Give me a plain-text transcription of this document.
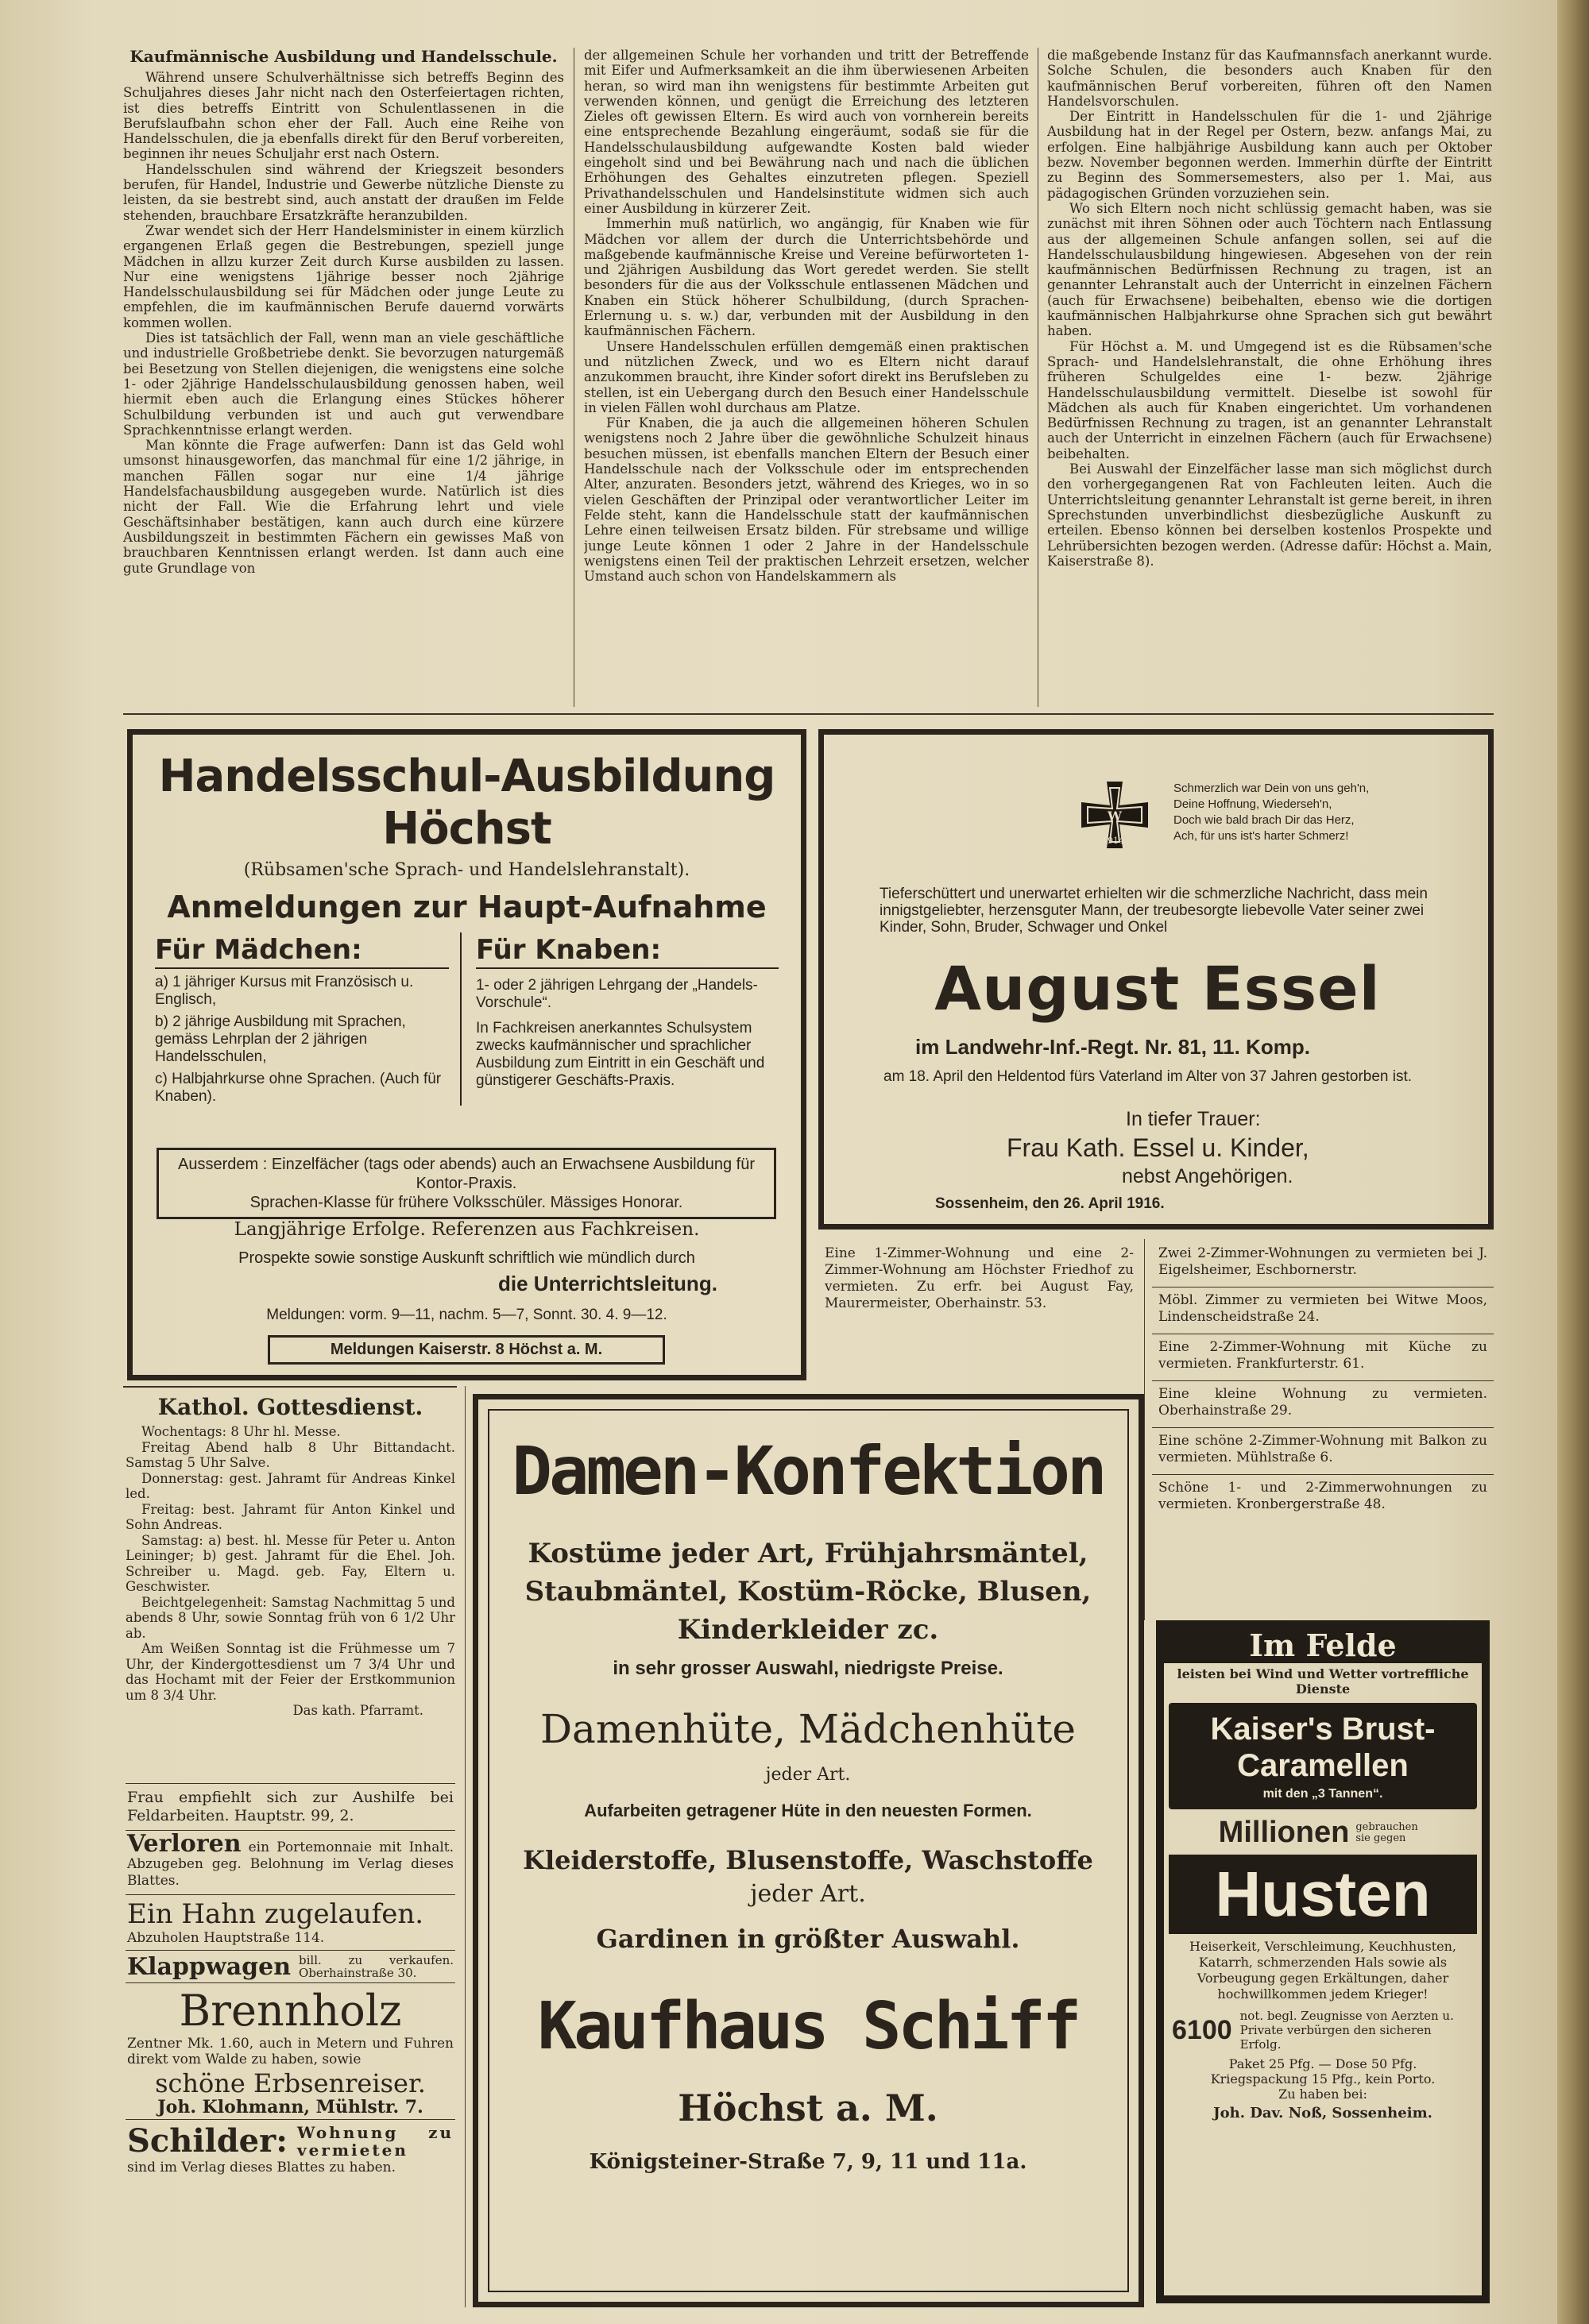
Kaufmännische Ausbildung und Handelsschule.

Während unsere Schulverhältnisse sich betreffs Beginn des Schuljahres dieses Jahr nicht nach den Osterfeiertagen richten, ist dies betreffs Eintritt von Schulentlassenen in die Berufslaufbahn schon eher der Fall. Auch eine Reihe von Handelsschulen, die ja ebenfalls direkt für den Beruf vorbereiten, beginnen ihr neues Schuljahr erst nach Ostern.

Handelsschulen sind während der Kriegszeit besonders berufen, für Handel, Industrie und Gewerbe nützliche Dienste zu leisten, da sie bestrebt sind, auch anstatt der draußen im Felde stehenden, brauchbare Ersatzkräfte heranzubilden.

Zwar wendet sich der Herr Handelsminister in einem kürzlich ergangenen Erlaß gegen die Bestrebungen, speziell junge Mädchen in allzu kurzer Zeit durch Kurse ausbilden zu lassen. Nur eine wenigstens 1jährige besser noch 2jährige Handelsschulausbildung sei für Mädchen oder junge Leute zu empfehlen, die im kaufmännischen Berufe dauernd vorwärts kommen wollen.

Dies ist tatsächlich der Fall, wenn man an viele geschäftliche und industrielle Großbetriebe denkt. Sie bevorzugen naturgemäß bei Besetzung von Stellen diejenigen, die wenigstens eine solche 1- oder 2jährige Handelsschulausbildung genossen haben, weil hiermit eben auch die Erlangung eines Stückes höherer Schulbildung verbunden ist und auch gut verwendbare Sprachkenntnisse erlangt werden.

Man könnte die Frage aufwerfen: Dann ist das Geld wohl umsonst hinausgeworfen, das manchmal für eine 1/2 jährige, in manchen Fällen sogar nur eine 1/4 jährige Handelsfachausbildung ausgegeben wurde. Natürlich ist dies nicht der Fall. Wie die Erfahrung lehrt und viele Geschäftsinhaber bestätigen, kann auch durch eine kürzere Ausbildungszeit in bestimmten Fächern ein gewisses Maß von brauchbaren Kenntnissen erlangt werden. Ist dann auch eine gute Grundlage von

der allgemeinen Schule her vorhanden und tritt der Betreffende mit Eifer und Aufmerksamkeit an die ihm überwiesenen Arbeiten heran, so wird man ihn wenigstens für bestimmte Arbeiten gut verwenden können, und genügt die Erreichung des letzteren Zieles oft gewissen Eltern. Es wird auch von vornherein bereits eine entsprechende Bezahlung eingeräumt, sodaß sie für die Handelsschulausbildung aufgewandte Kosten bald wieder eingeholt sind und bei Bewährung nach und nach die üblichen Erhöhungen des Gehaltes einzutreten pflegen. Speziell Privathandelsschulen und Handelsinstitute widmen sich auch einer Ausbildung in kürzerer Zeit.

Immerhin muß natürlich, wo angängig, für Knaben wie für Mädchen vor allem der durch die Unterrichtsbehörde und maßgebende kaufmännische Kreise und Vereine befürworteten 1- und 2jährigen Ausbildung das Wort geredet werden. Sie stellt besonders für die aus der Volksschule entlassenen Mädchen und Knaben ein Stück höherer Schulbildung, (durch Sprachen-Erlernung u. s. w.) dar, verbunden mit der Ausbildung in den kaufmännischen Fächern.

Unsere Handelsschulen erfüllen demgemäß einen praktischen und nützlichen Zweck, und wo es Eltern nicht darauf anzukommen braucht, ihre Kinder sofort direkt ins Berufsleben zu stellen, ist ein Uebergang durch den Besuch einer Handelsschule in vielen Fällen wohl durchaus am Platze.

Für Knaben, die ja auch die allgemeinen höheren Schulen wenigstens noch 2 Jahre über die gewöhnliche Schulzeit hinaus besuchen müssen, ist ebenfalls manchen Eltern der Besuch einer Handelsschule nach der Volksschule oder im entsprechenden Alter, anzuraten. Besonders jetzt, während des Krieges, wo in so vielen Geschäften der Prinzipal oder verantwortlicher Leiter im Felde steht, kann die Handelsschule statt der kaufmännischen Lehre einen teilweisen Ersatz bilden. Für strebsame und willige junge Leute können 1 oder 2 Jahre in der Handelsschule wenigstens einen Teil der praktischen Lehrzeit ersetzen, welcher Umstand auch schon von Handelskammern als

die maßgebende Instanz für das Kaufmannsfach anerkannt wurde. Solche Schulen, die besonders auch Knaben für den kaufmännischen Beruf vorbereiten, führen oft den Namen Handelsvorschulen.

Der Eintritt in Handelsschulen für die 1- und 2jährige Ausbildung hat in der Regel per Ostern, bezw. anfangs Mai, zu erfolgen. Eine halbjährige Ausbildung kann auch per Oktober bezw. November begonnen werden. Immerhin dürfte der Eintritt zu Beginn des Sommersemesters, also per 1. Mai, aus pädagogischen Gründen vorzuziehen sein.

Wo sich Eltern noch nicht schlüssig gemacht haben, was sie zunächst mit ihren Söhnen oder auch Töchtern nach Entlassung aus der allgemeinen Schule anfangen sollen, sei auf die Handelsschulausbildung hingewiesen. Abgesehen von der rein kaufmännischen Bedürfnissen Rechnung zu tragen, ist an genannter Lehranstalt auch der Unterricht in einzelnen Fächern (auch für Erwachsene) beibehalten, ebenso wie die dortigen kaufmännischen Halbjahrkurse ohne Sprachen sich gut bewährt haben.

Für Höchst a. M. und Umgegend ist es die Rübsamen'sche Sprach- und Handelslehranstalt, die ohne Erhöhung ihres früheren Schulgeldes eine 1- bezw. 2jährige Handelsschulausbildung vermittelt. Dieselbe ist sowohl für Mädchen als auch für Knaben eingerichtet. Um vorhandenen Bedürfnissen Rechnung zu tragen, ist an genannter Lehranstalt auch der Unterricht in einzelnen Fächern (auch für Erwachsene) beibehalten.

Bei Auswahl der Einzelfächer lasse man sich möglichst durch den vorhergegangenen Rat von Fachleuten leiten. Auch die Unterrichtsleitung genannter Lehranstalt ist gerne bereit, in ihren Sprechstunden unverbindlichst diesbezügliche Auskunft zu erteilen. Ebenso können bei derselben kostenlos Prospekte und Lehrübersichten bezogen werden. (Adresse dafür: Höchst a. Main, Kaiserstraße 8).

Handelsschul-Ausbildung Höchst
(Rübsamen'sche Sprach- und Handelslehranstalt).
Anmeldungen zur Haupt-Aufnahme
Für Mädchen:
a) 1 jähriger Kursus mit Französisch u. Englisch,
b) 2 jährige Ausbildung mit Sprachen, gemäss Lehrplan der 2 jährigen Handelsschulen,
c) Halbjahrkurse ohne Sprachen. (Auch für Knaben).
Für Knaben:
1- oder 2 jährigen Lehrgang der „Handels-Vorschule“.
In Fachkreisen anerkanntes Schulsystem zwecks kaufmännischer und sprachlicher Ausbildung zum Eintritt in ein Geschäft und günstigerer Geschäfts-Praxis.
Ausserdem : Einzelfächer (tags oder abends) auch an Erwachsene Ausbildung für Kontor-Praxis.
Sprachen-Klasse für frühere Volksschüler. Mässiges Honorar.
Langjährige Erfolge. Referenzen aus Fachkreisen.
Prospekte sowie sonstige Auskunft schriftlich wie mündlich durch
die Unterrichtsleitung.
Meldungen: vorm. 9—11, nachm. 5—7, Sonnt. 30. 4. 9—12.
Meldungen Kaiserstr. 8 Höchst a. M.
W
1914
Schmerzlich war Dein von uns geh'n,
Deine Hoffnung, Wiederseh'n,
Doch wie bald brach Dir das Herz,
Ach, für uns ist's harter Schmerz!
Tieferschüttert und unerwartet erhielten wir die schmerzliche Nachricht, dass mein innigstgeliebter, herzensguter Mann, der treubesorgte liebevolle Vater seiner zwei Kinder, Sohn, Bruder, Schwager und Onkel
August Essel
im Landwehr-Inf.-Regt. Nr. 81, 11. Komp.
am 18. April den Heldentod fürs Vaterland im Alter von 37 Jahren gestorben ist.
In tiefer Trauer:
Frau Kath. Essel u. Kinder,
nebst Angehörigen.
Sossenheim, den 26. April 1916.
Eine 1-Zimmer-Wohnung und eine 2-Zimmer-Wohnung am Höchster Friedhof zu vermieten. Zu erfr. bei August Fay, Maurermeister, Oberhainstr. 53.
Zwei 2-Zimmer-Wohnungen zu vermieten bei J. Eigelsheimer, Eschbornerstr.
Möbl. Zimmer zu vermieten bei Witwe Moos, Lindenscheidstraße 24.
Eine 2-Zimmer-Wohnung mit Küche zu vermieten. Frankfurterstr. 61.
Eine kleine Wohnung zu vermieten. Oberhainstraße 29.
Eine schöne 2-Zimmer-Wohnung mit Balkon zu vermieten. Mühlstraße 6.
Schöne 1- und 2-Zimmerwohnungen zu vermieten. Kronbergerstraße 48.
Kathol. Gottesdienst.
Wochentags: 8 Uhr hl. Messe.
Freitag Abend halb 8 Uhr Bittandacht. Samstag 5 Uhr Salve.
Donnerstag: gest. Jahramt für Andreas Kinkel led.
Freitag: best. Jahramt für Anton Kinkel und Sohn Andreas.
Samstag: a) best. hl. Messe für Peter u. Anton Leininger; b) gest. Jahramt für die Ehel. Joh. Schreiber u. Magd. geb. Fay, Eltern u. Geschwister.
Beichtgelegenheit: Samstag Nachmittag 5 und abends 8 Uhr, sowie Sonntag früh von 6 1/2 Uhr ab.
Am Weißen Sonntag ist die Frühmesse um 7 Uhr, der Kindergottesdienst um 7 3/4 Uhr und das Hochamt mit der Feier der Erstkommunion um 8 3/4 Uhr.
Das kath. Pfarramt.
Frau empfiehlt sich zur Aushilfe bei Feldarbeiten. Hauptstr. 99, 2.
Verloren ein Portemonnaie mit Inhalt. Abzugeben geg. Belohnung im Verlag dieses Blattes.
Ein Hahn zugelaufen.
Abzuholen Hauptstraße 114.
Klappwagen bill. zu verkaufen. Oberhainstraße 30.
Brennholz
Zentner Mk. 1.60, auch in Metern und Fuhren direkt vom Walde zu haben, sowie
schöne Erbsenreiser.
Joh. Klohmann, Mühlstr. 7.
Schilder: Wohnung zu vermieten
sind im Verlag dieses Blattes zu haben.
Damen-Konfektion
Kostüme jeder Art, Frühjahrsmäntel,
Staubmäntel, Kostüm-Röcke, Blusen,
Kinderkleider zc.
in sehr grosser Auswahl, niedrigste Preise.
Damenhüte, Mädchenhüte
jeder Art.
Aufarbeiten getragener Hüte in den neuesten Formen.
Kleiderstoffe, Blusenstoffe, Waschstoffe
jeder Art.
Gardinen in größter Auswahl.
Kaufhaus Schiff
Höchst a. M.
Königsteiner-Straße 7, 9, 11 und 11a.
Im Felde
leisten bei Wind und Wetter vortreffliche Dienste
Kaiser's Brust-Caramellen
mit den „3 Tannen“.
Millionen gebrauchen sie gegen
Husten
Heiserkeit, Verschleimung, Keuchhusten, Katarrh, schmerzenden Hals sowie als Vorbeugung gegen Erkältungen, daher hochwillkommen jedem Krieger!
6100 not. begl. Zeugnisse von Aerzten u. Private verbürgen den sicheren Erfolg.
Paket 25 Pfg. — Dose 50 Pfg.
Kriegspackung 15 Pfg., kein Porto.
Zu haben bei:
Joh. Dav. Noß, Sossenheim.
